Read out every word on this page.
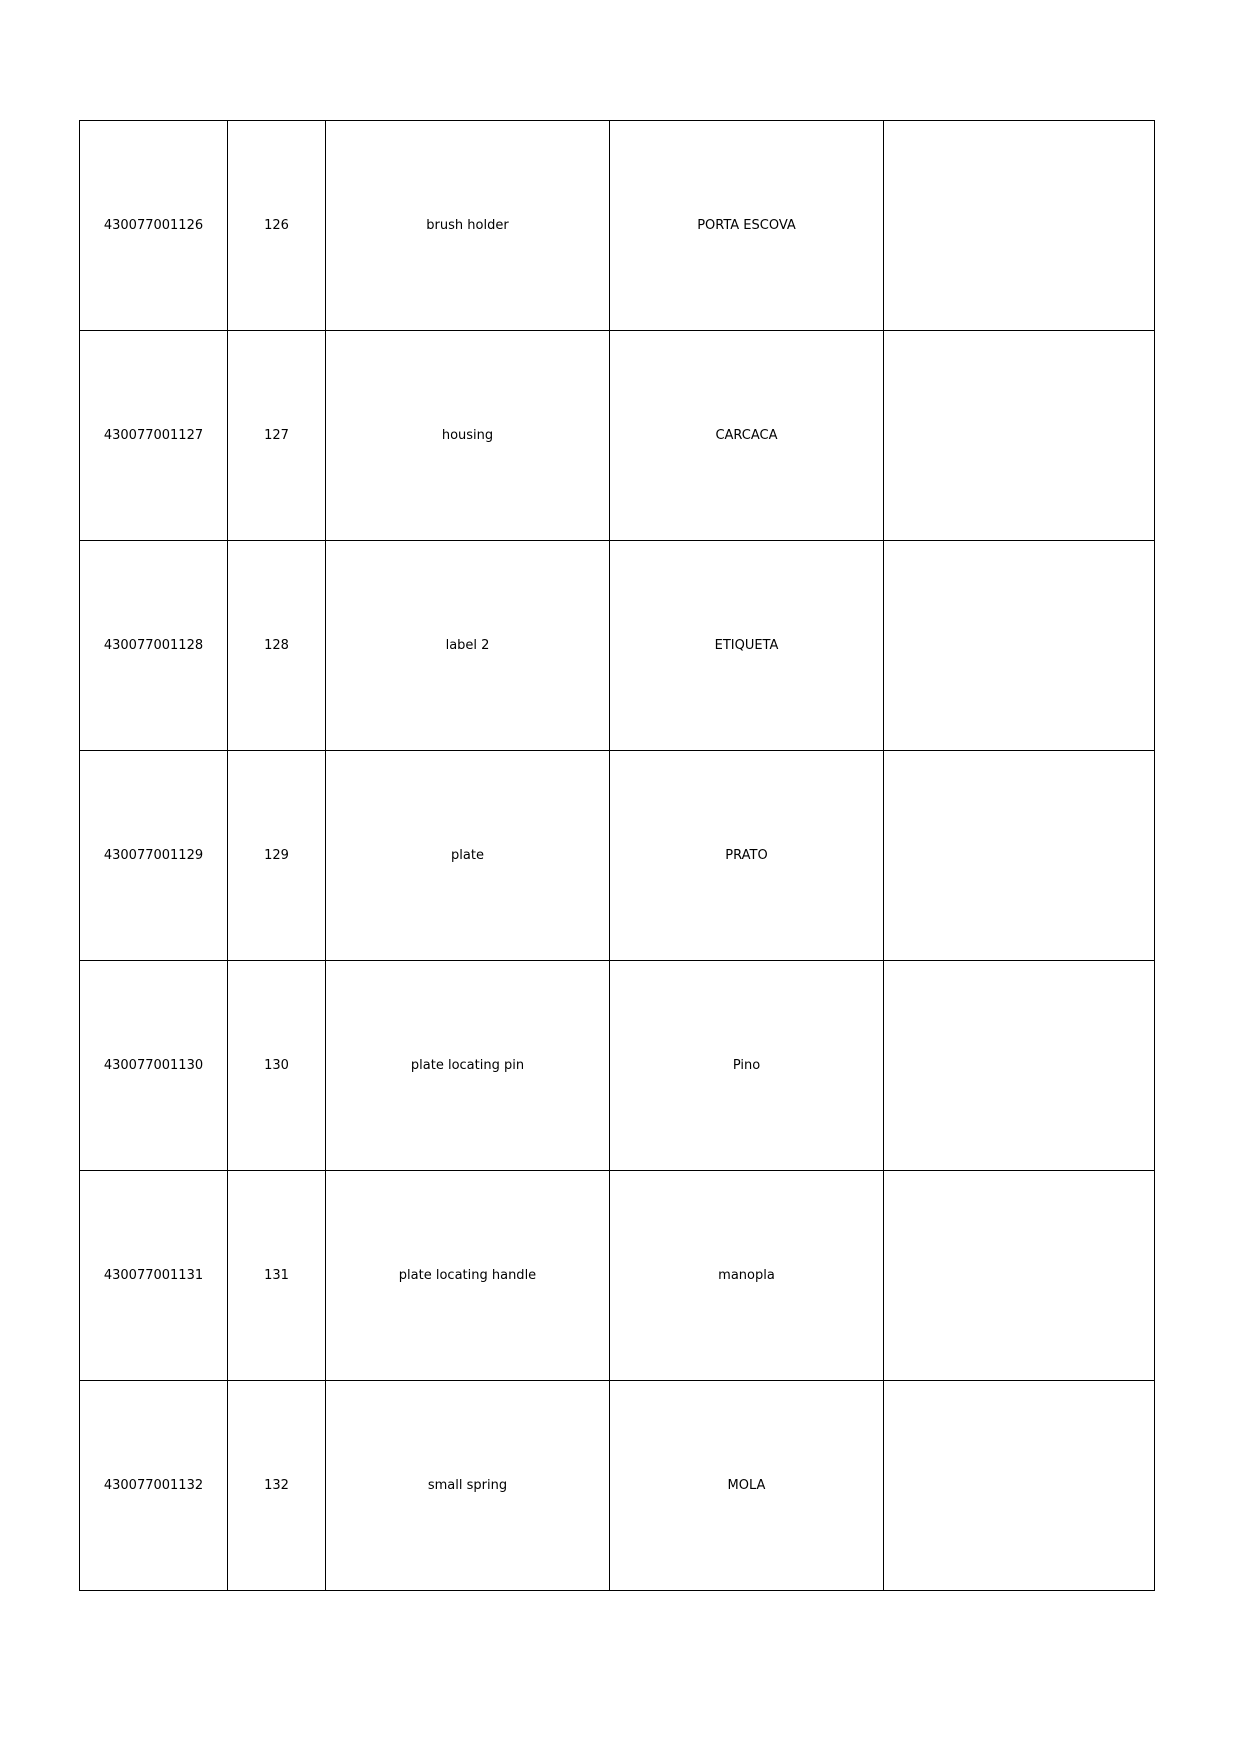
430077001126	126	brush holder	PORTA ESCOVA	
430077001127	127	housing	CARCACA	
430077001128	128	label 2	ETIQUETA	
430077001129	129	plate	PRATO	
430077001130	130	plate locating pin	Pino	
430077001131	131	plate locating handle	manopla	
430077001132	132	small spring	MOLA	
